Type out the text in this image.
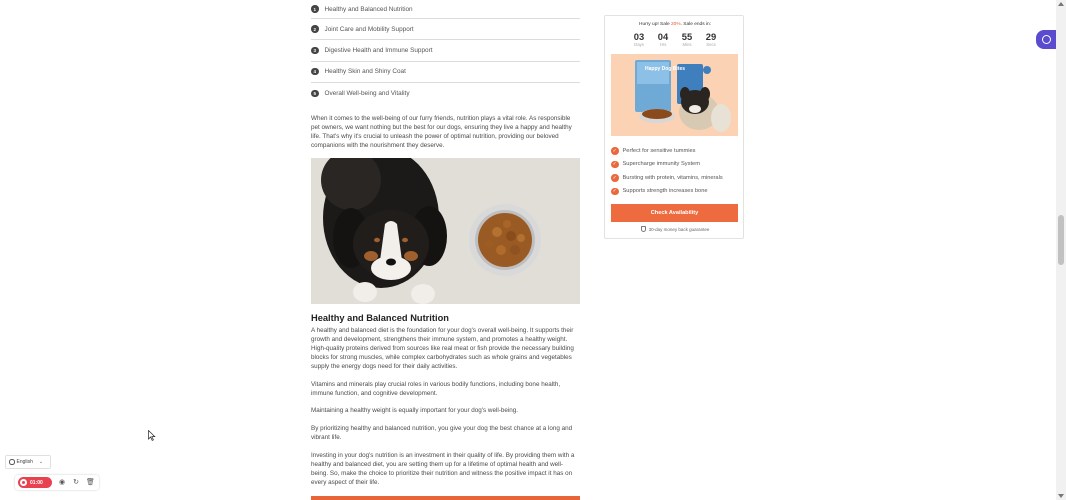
1	Healthy and Balanced Nutrition
2	Joint Care and Mobility Support
3	Digestive Health and Immune Support
4	Healthy Skin and Shiny Coat
5	Overall Well-being and Vitality

When it comes to the well-being of our furry friends, nutrition plays a vital role. As responsible pet owners, we want nothing but the best for our dogs, ensuring they live a happy and healthy life. That's why it's crucial to unleash the power of optimal nutrition, providing our beloved companions with the nourishment they deserve.

Healthy and Balanced Nutrition

A healthy and balanced diet is the foundation for your dog's overall well-being. It supports their growth and development, strengthens their immune system, and promotes a healthy weight. High-quality proteins derived from sources like real meat or fish provide the necessary building blocks for strong muscles, while complex carbohydrates such as whole grains and vegetables supply the energy dogs need for their daily activities.

Vitamins and minerals play crucial roles in various bodily functions, including bone health, immune function, and cognitive development.

Maintaining a healthy weight is equally important for your dog's well-being.

By prioritizing healthy and balanced nutrition, you give your dog the best chance at a long and vibrant life.

Investing in your dog's nutrition is an investment in their quality of life. By providing them with a healthy and balanced diet, you are setting them up for a lifetime of optimal health and well-being. So, make the choice to prioritize their nutrition and witness the positive impact it has on every aspect of their life.

Hurry up! Sale 20%. Sale ends in:
03
Days
04
Hrs
55
Mins
29
Secs
Happy Dog Bites
✓ Perfect for sensitive tummies
✓ Supercharge immunity System
✓ Bursting with protein, vitamins, minerals
✓ Supports strength increases bone
Check Availability
30-day money back guarantee
English ⌄
01:00 ◉ ↻ 🗑
